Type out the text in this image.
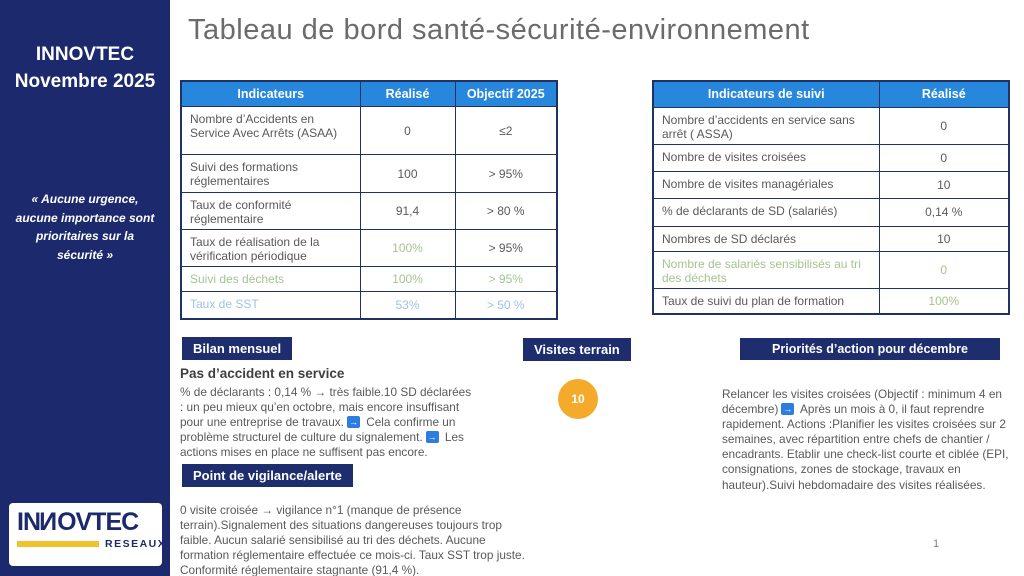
INNOVTEC
Novembre 2025
« Aucune urgence, aucune importance sont prioritaires sur la sécurité »
INNOVTEC
RESEAUX
Tableau de bord santé-sécurité-environnement
Indicateurs	Réalisé	Objectif 2025
Nombre d’Accidents en Service Avec Arrêts (ASAA)	0	≤2
Suivi des formations réglementaires	100	> 95%
Taux de conformité réglementaire	91,4	> 80 %
Taux de réalisation de la vérification périodique	100%	> 95%
Suivi des déchets	100%	> 95%
Taux de SST	53%	> 50 %
Indicateurs de suivi	Réalisé
Nombre d’accidents en service sans arrêt ( ASSA)	0
Nombre de visites croisées	0
Nombre de visites managériales	10
% de déclarants de SD (salariés)	0,14 %
Nombres de SD déclarés	10
Nombre de salariés sensibilisés au tri des déchets	0
Taux de suivi du plan de formation	100%
Bilan mensuel
Pas d’accident en service
% de déclarants : 0,14 % → très faible.10 SD déclarées : un peu mieux qu’en octobre, mais encore insuffisant pour une entreprise de travaux. → Cela confirme un problème structurel de culture du signalement. → Les actions mises en place ne suffisent pas encore.
Point de vigilance/alerte
0 visite croisée → vigilance n°1 (manque de présence terrain).Signalement des situations dangereuses toujours trop faible. Aucun salarié sensibilisé au tri des déchets. Aucune formation réglementaire effectuée ce mois-ci. Taux SST trop juste. Conformité réglementaire stagnante (91,4 %).
Visites terrain
10
Priorités d’action pour décembre
Relancer les visites croisées (Objectif : minimum 4 en décembre) → Après un mois à 0, il faut reprendre rapidement. Actions :Planifier les visites croisées sur 2 semaines, avec répartition entre chefs de chantier / encadrants. Etablir une check-list courte et ciblée (EPI, consignations, zones de stockage, travaux en hauteur).Suivi hebdomadaire des visites réalisées.
1
